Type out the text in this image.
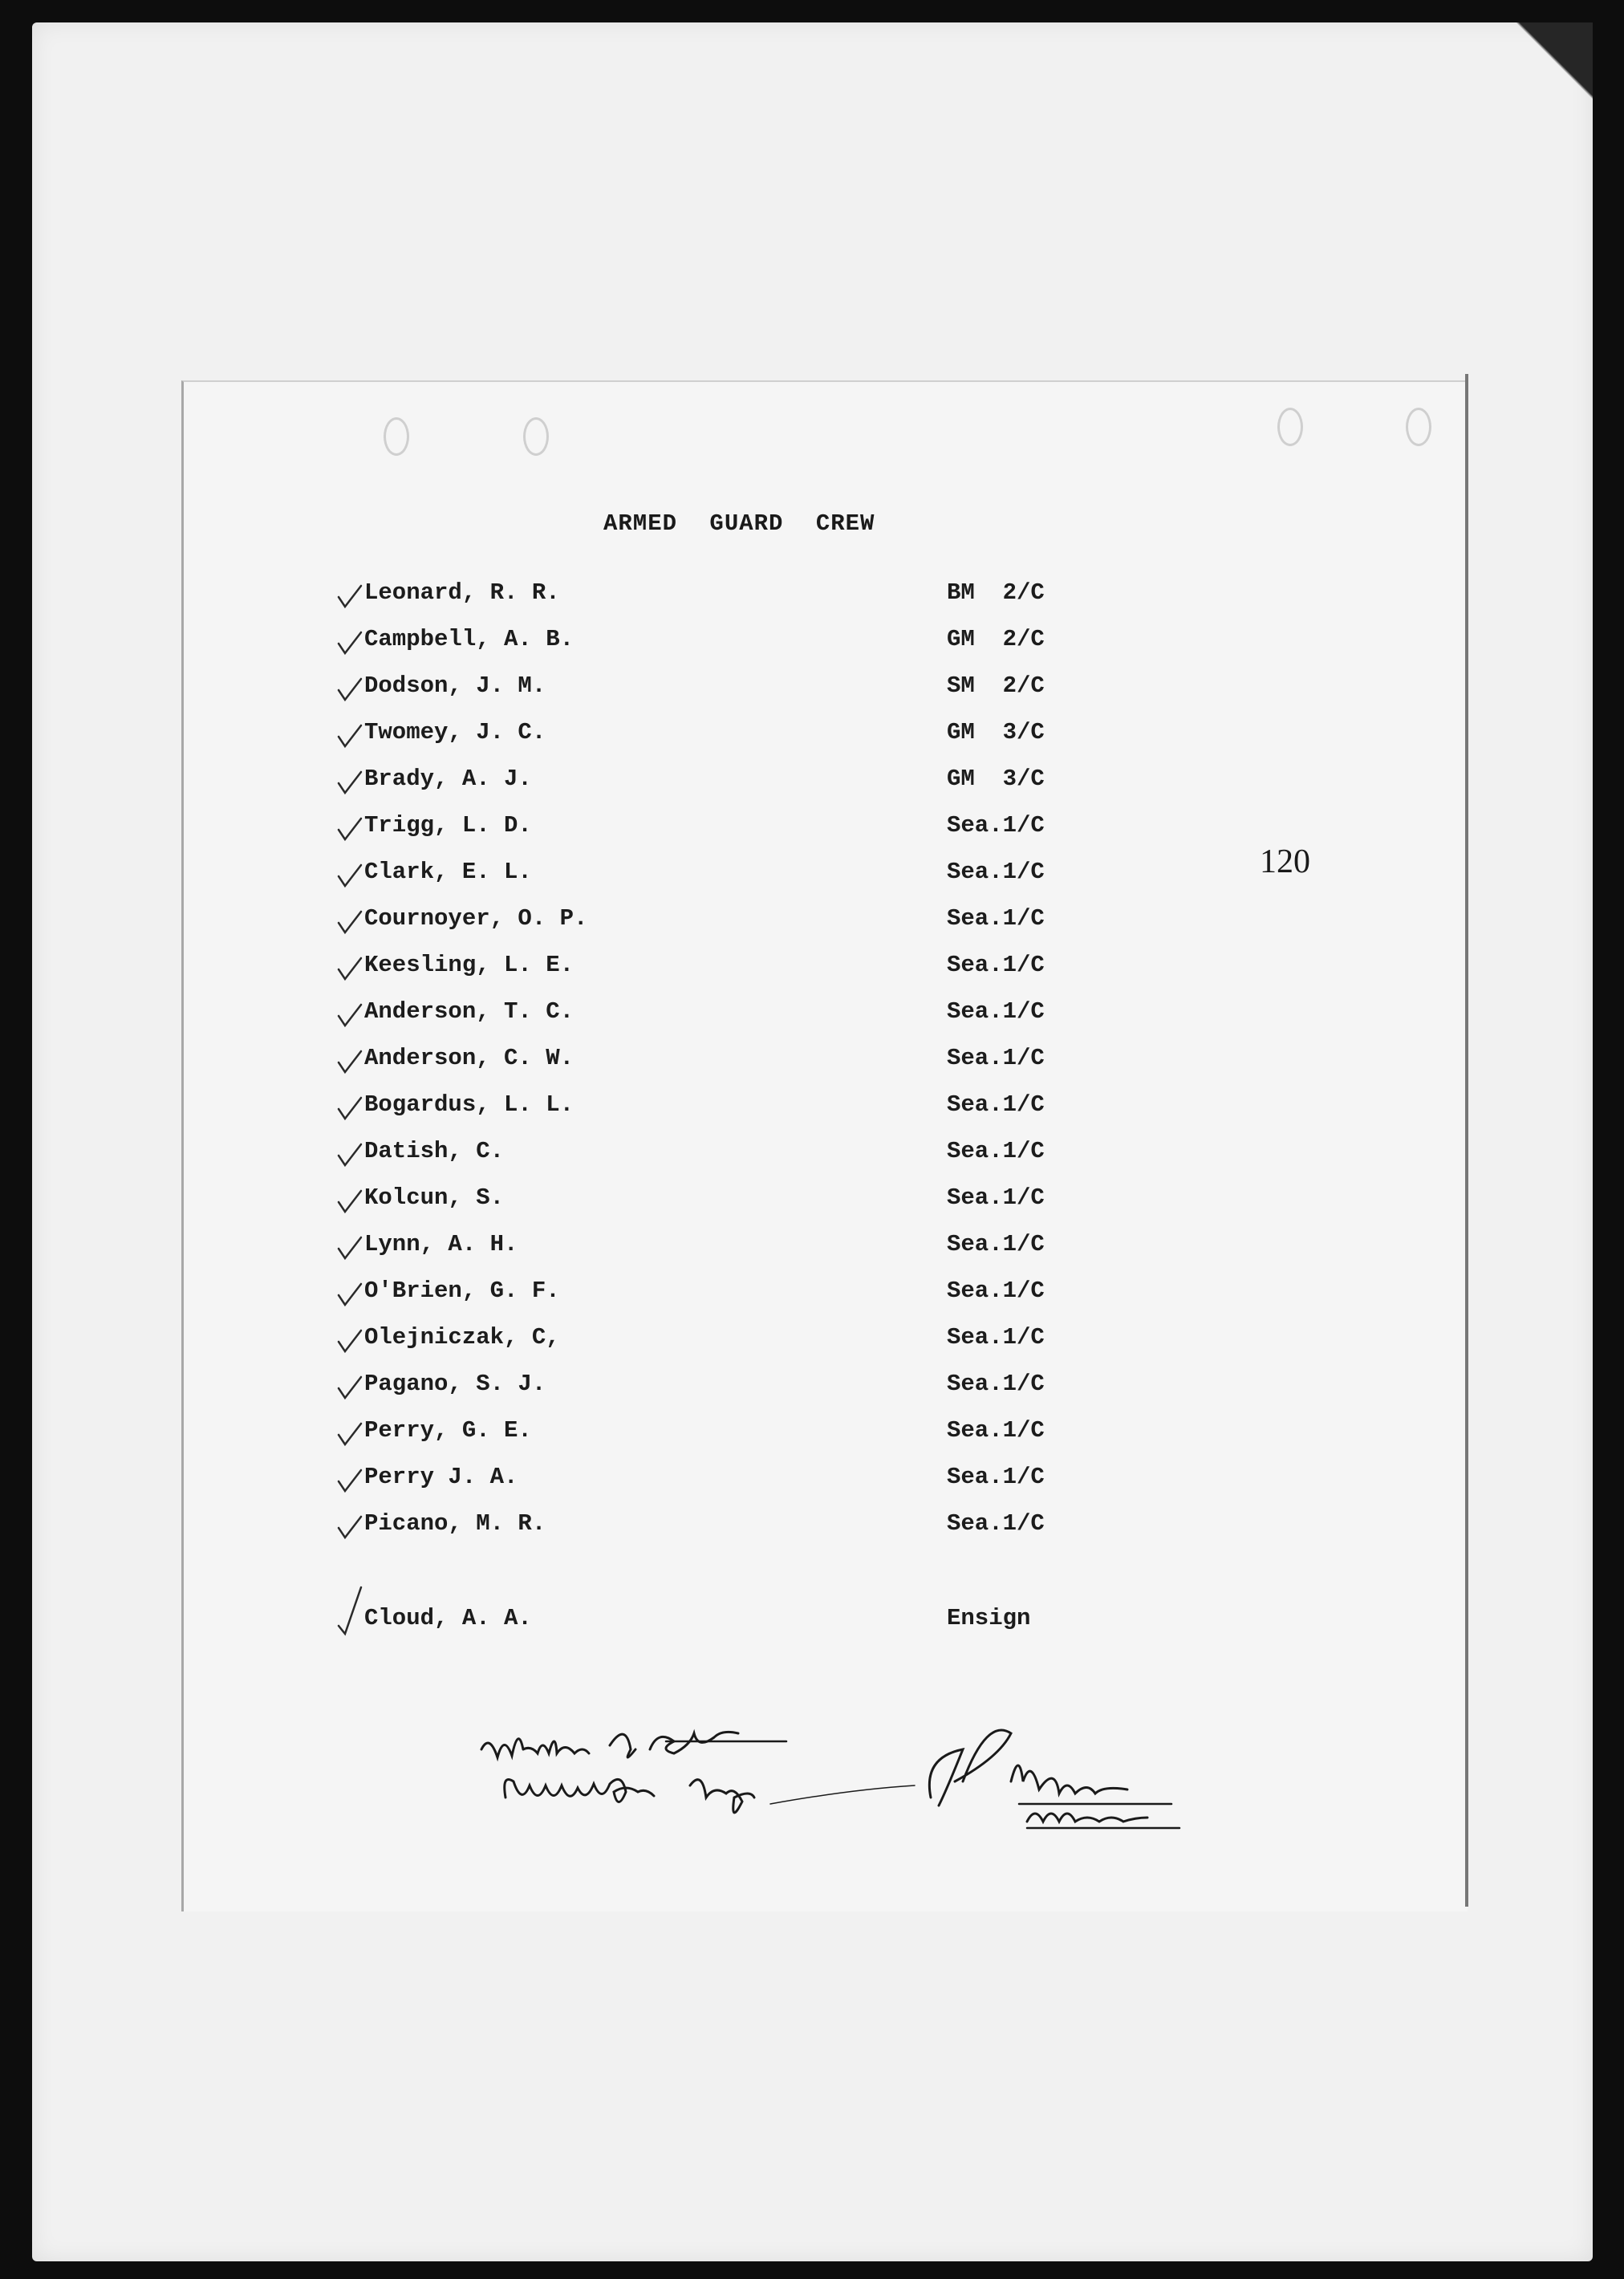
ARMED GUARD CREW
120
Leonard, R. R.	BM  2/C
Campbell, A. B.	GM  2/C
Dodson, J. M.	SM  2/C
Twomey, J. C.	GM  3/C
Brady, A. J.	GM  3/C
Trigg, L. D.	Sea.1/C
Clark, E. L.	Sea.1/C
Cournoyer, O. P.	Sea.1/C
Keesling, L. E.	Sea.1/C
Anderson, T. C.	Sea.1/C
Anderson, C. W.	Sea.1/C
Bogardus, L. L.	Sea.1/C
Datish, C.	Sea.1/C
Kolcun, S.	Sea.1/C
Lynn, A. H.	Sea.1/C
O'Brien, G. F.	Sea.1/C
Olejniczak, C,	Sea.1/C
Pagano, S. J.	Sea.1/C
Perry, G. E.	Sea.1/C
Perry J. A.	Sea.1/C
Picano, M. R.	Sea.1/C
Cloud, A. A.	Ensign
